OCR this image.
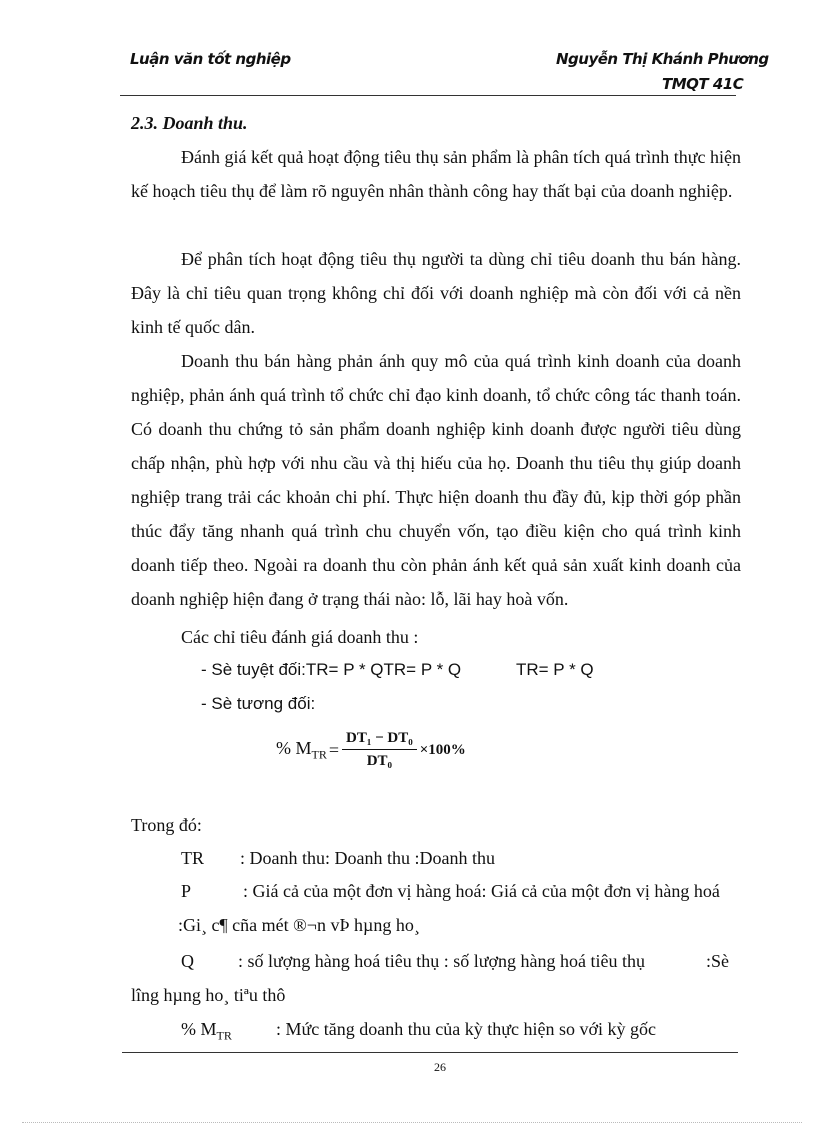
Luận văn tốt nghiệp	Nguyễn Thị Khánh Phương
TMQT 41C
2.3. Doanh thu.

Đánh giá kết quả hoạt động tiêu thụ sản phẩm là phân tích quá trình thực hiện kế hoạch tiêu thụ để làm rõ nguyên nhân thành công hay thất bại của doanh nghiệp.

Để phân tích hoạt động tiêu thụ người ta dùng chỉ tiêu doanh thu bán hàng. Đây là chỉ tiêu quan trọng không chỉ đối với doanh nghiệp mà còn đối với cả nền kinh tế quốc dân.

Doanh thu bán hàng phản ánh quy mô của quá trình kinh doanh của doanh nghiệp, phản ánh quá trình tổ chức chỉ đạo kinh doanh, tổ chức công tác thanh toán. Có doanh thu chứng tỏ sản phẩm doanh nghiệp kinh doanh được người tiêu dùng chấp nhận, phù hợp với nhu cầu và thị hiếu của họ. Doanh thu tiêu thụ giúp doanh nghiệp trang trải các khoản chi phí. Thực hiện doanh thu đầy đủ, kịp thời góp phần thúc đẩy tăng nhanh quá trình chu chuyển vốn, tạo điều kiện cho quá trình kinh doanh tiếp theo. Ngoài ra doanh thu còn phản ánh kết quả sản xuất kinh doanh của doanh nghiệp hiện đang ở trạng thái nào: lỗ, lãi hay hoà vốn.

Các chỉ tiêu đánh giá doanh thu :
- Sè tuyệt đối:TR= P * QTR= P * Q	TR= P * Q
- Sè tương đối:
% $M_{TR} = \frac{\text{DT₁ − DT₀}}{\text{DT₀}} \times 100\%$
Trong đó:
TR : Doanh thu: Doanh thu :Doanh thu
P	: Giá cả của một đơn vị hàng hoá: Giá cả của một đơn vị hàng hoá
:Gi¸ c¶ cña mét ®¬n vÞ hµng ho¸
Q : số lượng hàng hoá tiêu thụ : số lượng hàng hoá tiêu thụ	:Sè
lîng hµng ho¸ tiªu thô
% $M_{TR}$ : Mức tăng doanh thu của kỳ thực hiện so với kỳ gốc
26
